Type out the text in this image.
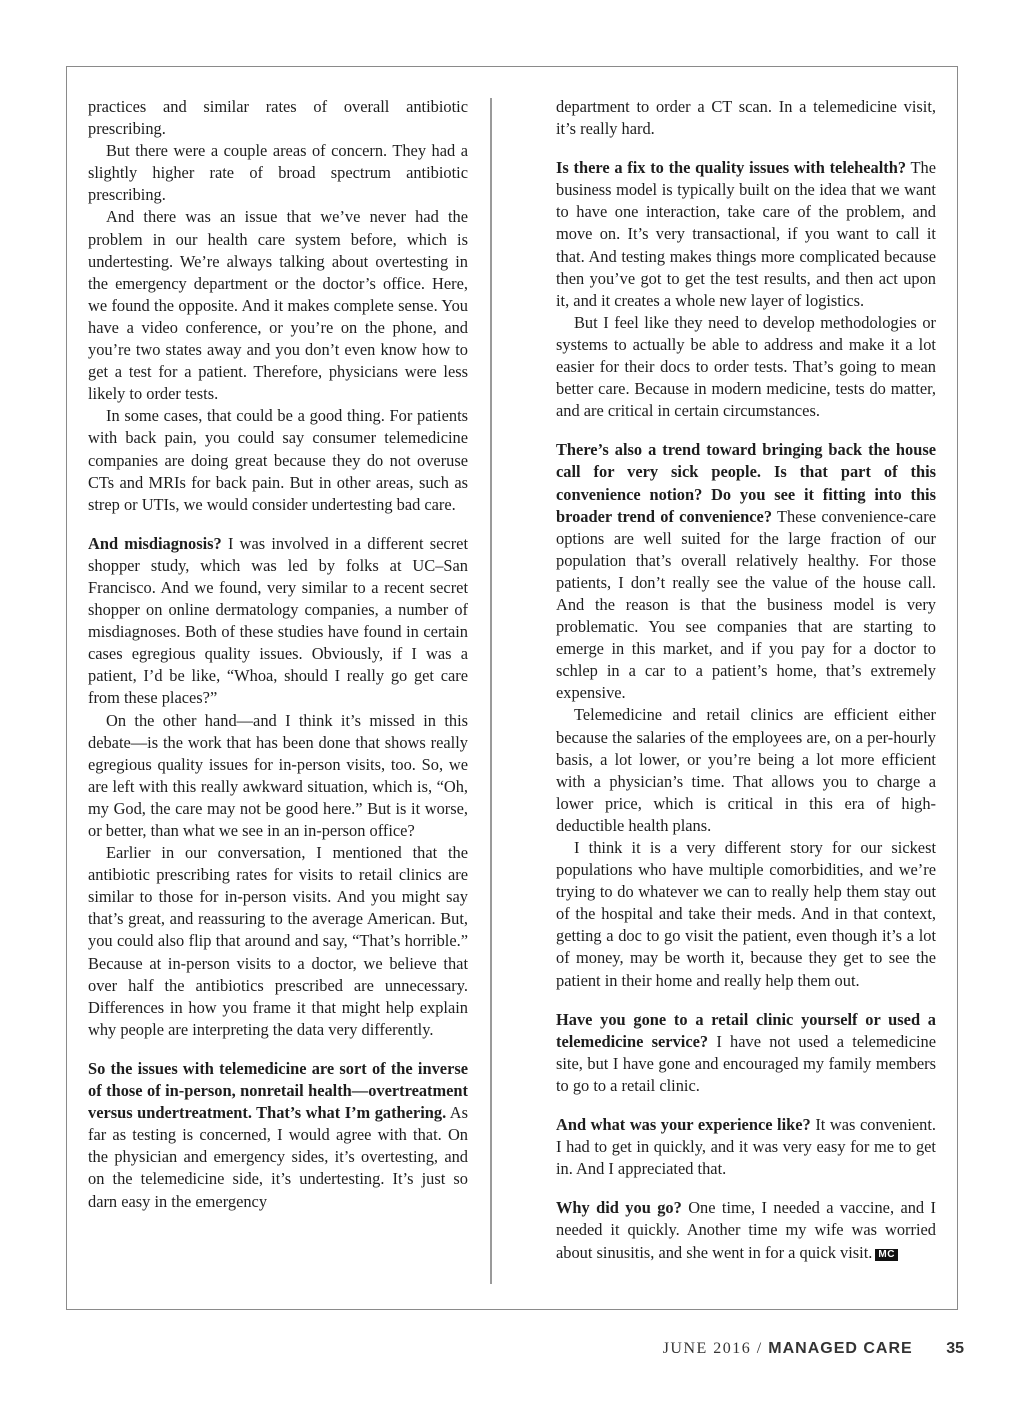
practices and similar rates of overall antibiotic prescribing.

But there were a couple areas of concern. They had a slightly higher rate of broad spectrum antibiotic prescribing.

And there was an issue that we’ve never had the problem in our health care system before, which is undertesting. We’re always talking about overtesting in the emergency department or the doctor’s office. Here, we found the opposite. And it makes complete sense. You have a video conference, or you’re on the phone, and you’re two states away and you don’t even know how to get a test for a patient. Therefore, physicians were less likely to order tests.

In some cases, that could be a good thing. For patients with back pain, you could say consumer telemedicine companies are doing great because they do not overuse CTs and MRIs for back pain. But in other areas, such as strep or UTIs, we would consider undertesting bad care.

And misdiagnosis? I was involved in a different secret shopper study, which was led by folks at UC–San Francisco. And we found, very similar to a recent secret shopper on online dermatology companies, a number of misdiagnoses. Both of these studies have found in certain cases egregious quality issues. Obviously, if I was a patient, I’d be like, “Whoa, should I really go get care from these places?”

On the other hand—and I think it’s missed in this debate—is the work that has been done that shows really egregious quality issues for in-person visits, too. So, we are left with this really awkward situation, which is, “Oh, my God, the care may not be good here.” But is it worse, or better, than what we see in an in-person office?

Earlier in our conversation, I mentioned that the antibiotic prescribing rates for visits to retail clinics are similar to those for in-person visits. And you might say that’s great, and reassuring to the average American. But, you could also flip that around and say, “That’s horrible.” Because at in-person visits to a doctor, we believe that over half the antibiotics prescribed are unnecessary. Differences in how you frame it that might help explain why people are interpreting the data very differently.

So the issues with telemedicine are sort of the inverse of those of in-person, nonretail health—overtreatment versus undertreatment. That’s what I’m gathering. As far as testing is concerned, I would agree with that. On the physician and emergency sides, it’s overtesting, and on the telemedicine side, it’s undertesting. It’s just so darn easy in the emergency

department to order a CT scan. In a telemedicine visit, it’s really hard.

Is there a fix to the quality issues with telehealth? The business model is typically built on the idea that we want to have one interaction, take care of the problem, and move on. It’s very transactional, if you want to call it that. And testing makes things more complicated because then you’ve got to get the test results, and then act upon it, and it creates a whole new layer of logistics.

But I feel like they need to develop methodologies or systems to actually be able to address and make it a lot easier for their docs to order tests. That’s going to mean better care. Because in modern medicine, tests do matter, and are critical in certain circumstances.

There’s also a trend toward bringing back the house call for very sick people. Is that part of this convenience notion? Do you see it fitting into this broader trend of convenience? These convenience-care options are well suited for the large fraction of our population that’s overall relatively healthy. For those patients, I don’t really see the value of the house call. And the reason is that the business model is very problematic. You see companies that are starting to emerge in this market, and if you pay for a doctor to schlep in a car to a patient’s home, that’s extremely expensive.

Telemedicine and retail clinics are efficient either because the salaries of the employees are, on a per-hourly basis, a lot lower, or you’re being a lot more efficient with a physician’s time. That allows you to charge a lower price, which is critical in this era of high-deductible health plans.

I think it is a very different story for our sickest populations who have multiple comorbidities, and we’re trying to do whatever we can to really help them stay out of the hospital and take their meds. And in that context, getting a doc to go visit the patient, even though it’s a lot of money, may be worth it, because they get to see the patient in their home and really help them out.

Have you gone to a retail clinic yourself or used a telemedicine service? I have not used a telemedicine site, but I have gone and encouraged my family members to go to a retail clinic.

And what was your experience like? It was convenient. I had to get in quickly, and it was very easy for me to get in. And I appreciated that.

Why did you go? One time, I needed a vaccine, and I needed it quickly. Another time my wife was worried about sinusitis, and she went in for a quick visit. MC

JUNE 2016 / MANAGED CARE 35
